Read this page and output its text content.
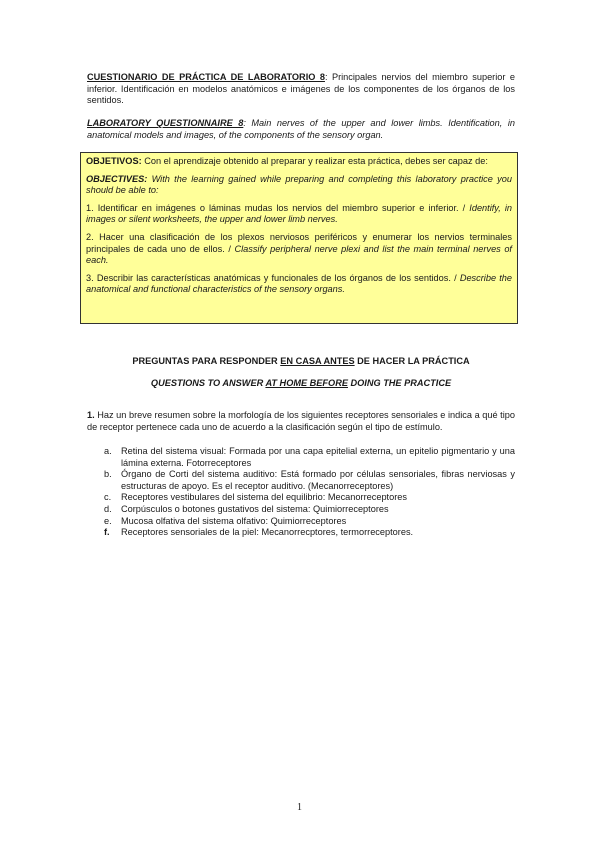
CUESTIONARIO DE PRÁCTICA DE LABORATORIO 8: Principales nervios del miembro superior e inferior. Identificación en modelos anatómicos e imágenes de los componentes de los órganos de los sentidos.
LABORATORY QUESTIONNAIRE 8: Main nerves of the upper and lower limbs. Identification, in anatomical models and images, of the components of the sensory organ.

OBJETIVOS: Con el aprendizaje obtenido al preparar y realizar esta práctica, debes ser capaz de:

OBJECTIVES: With the learning gained while preparing and completing this laboratory practice you should be able to:

1. Identificar en imágenes o láminas mudas los nervios del miembro superior e inferior. / Identify, in images or silent worksheets, the upper and lower limb nerves.

2. Hacer una clasificación de los plexos nerviosos periféricos y enumerar los nervios terminales principales de cada uno de ellos. / Classify peripheral nerve plexi and list the main terminal nerves of each.

3. Describir las características anatómicas y funcionales de los órganos de los sentidos. / Describe the anatomical and functional characteristics of the sensory organs.

PREGUNTAS PARA RESPONDER EN CASA ANTES DE HACER LA PRÁCTICA
QUESTIONS TO ANSWER AT HOME BEFORE DOING THE PRACTICE
1. Haz un breve resumen sobre la morfología de los siguientes receptores sensoriales e indica a qué tipo de receptor pertenece cada uno de acuerdo a la clasificación según el tipo de estímulo.
a. Retina del sistema visual: Formada por una capa epitelial externa, un epitelio pigmentario y una lámina externa. Fotorreceptores
b. Órgano de Corti del sistema auditivo: Está formado por células sensoriales, fibras nerviosas y estructuras de apoyo. Es el receptor auditivo. (Mecanorreceptores)
c. Receptores vestibulares del sistema del equilibrio: Mecanorreceptores
d. Corpúsculos o botones gustativos del sistema: Quimiorreceptores
e. Mucosa olfativa del sistema olfativo: Quimiorreceptores
f. Receptores sensoriales de la piel: Mecanorrecptores, termorreceptores.
1
